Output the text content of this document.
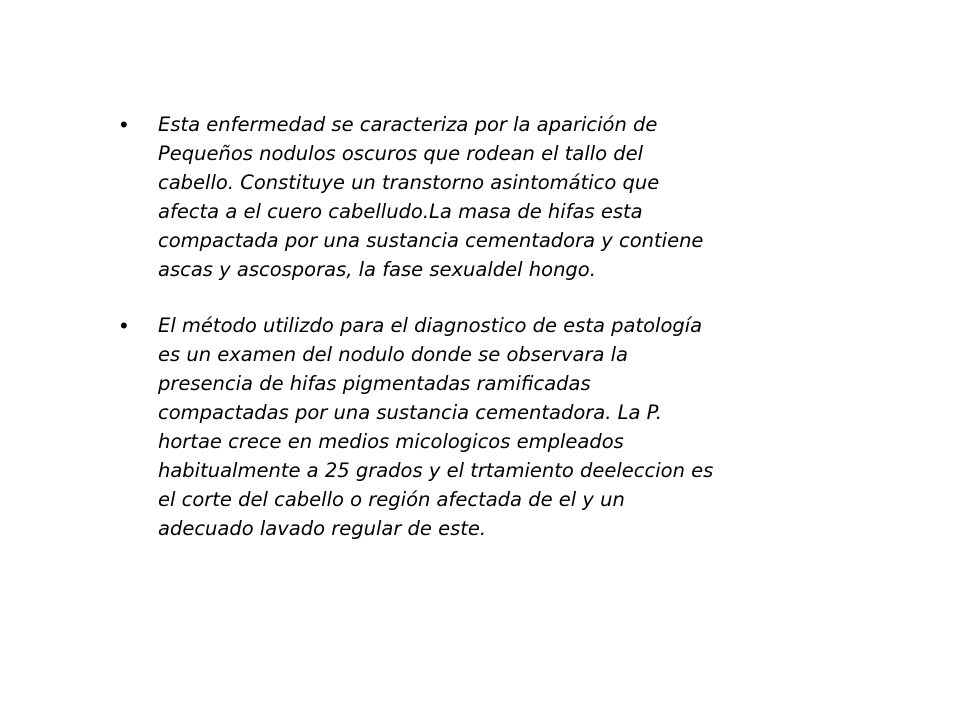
• Esta enfermedad se caracteriza por la aparición de
Pequeños nodulos oscuros que rodean el tallo del
cabello. Constituye un transtorno asintomático que
afecta a el cuero cabelludo.La masa de hifas esta
compactada por una sustancia cementadora y contiene
ascas y ascosporas, la fase sexualdel hongo.
• El método utilizdo para el diagnostico de esta patología
es un examen del nodulo donde se observara la
presencia de hifas pigmentadas ramificadas
compactadas por una sustancia cementadora. La P.
hortae crece en medios micologicos empleados
habitualmente a 25 grados y el trtamiento deeleccion es
el corte del cabello o región afectada de el y un
adecuado lavado regular de este.
